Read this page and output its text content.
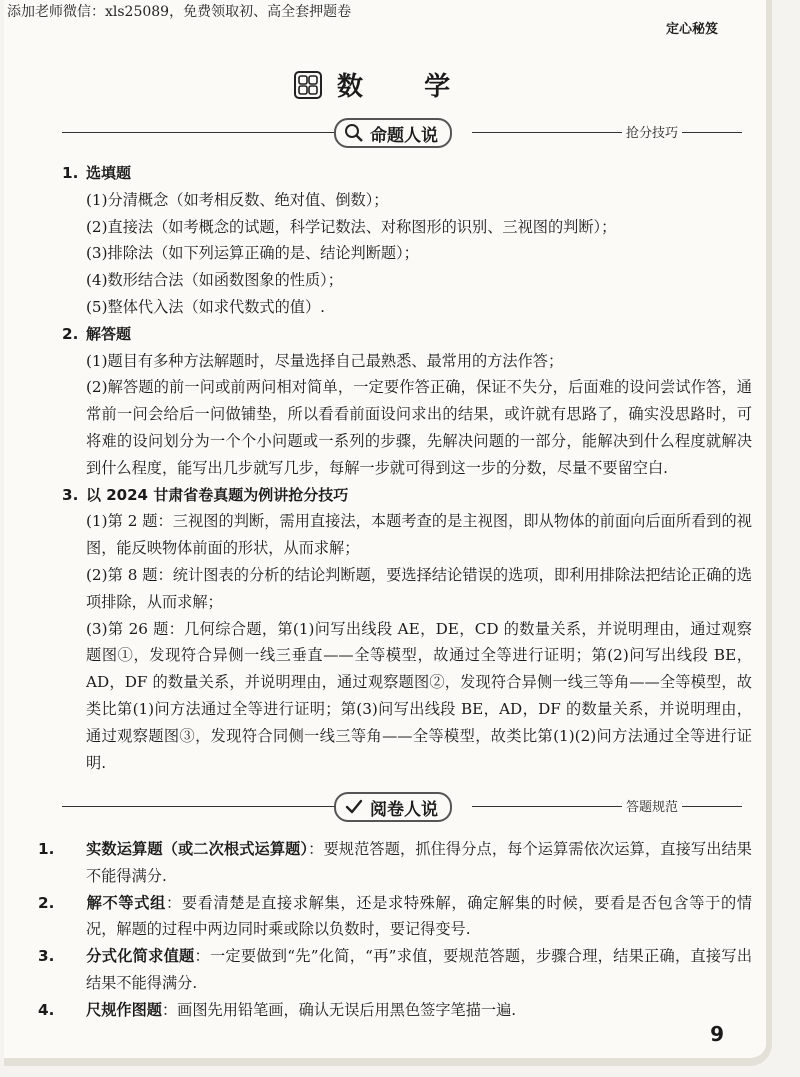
添加老师微信：xls25089，免费领取初、高全套押题卷
定心秘笈
数 学
命题人说	抢分技巧
1. 选填题
(1)分清概念（如考相反数、绝对值、倒数）；
(2)直接法（如考概念的试题，科学记数法、对称图形的识别、三视图的判断）；
(3)排除法（如下列运算正确的是、结论判断题）；
(4)数形结合法（如函数图象的性质）；
(5)整体代入法（如求代数式的值）.
2. 解答题
(1)题目有多种方法解题时，尽量选择自己最熟悉、最常用的方法作答；
(2)解答题的前一问或前两问相对简单，一定要作答正确，保证不失分，后面难的设问尝试作答，通常前一问会给后一问做铺垫，所以看看前面设问求出的结果，或许就有思路了，确实没思路时，可将难的设问划分为一个个小问题或一系列的步骤，先解决问题的一部分，能解决到什么程度就解决到什么程度，能写出几步就写几步，每解一步就可得到这一步的分数，尽量不要留空白.
3. 以 2024 甘肃省卷真题为例讲抢分技巧
(1)第 2 题：三视图的判断，需用直接法，本题考查的是主视图，即从物体的前面向后面所看到的视图，能反映物体前面的形状，从而求解；
(2)第 8 题：统计图表的分析的结论判断题，要选择结论错误的选项，即利用排除法把结论正确的选项排除，从而求解；
(3)第 26 题：几何综合题，第(1)问写出线段 AE，DE，CD 的数量关系，并说明理由，通过观察题图①，发现符合异侧一线三垂直——全等模型，故通过全等进行证明；第(2)问写出线段 BE，AD，DF 的数量关系，并说明理由，通过观察题图②，发现符合异侧一线三等角——全等模型，故类比第(1)问方法通过全等进行证明；第(3)问写出线段 BE，AD，DF 的数量关系，并说明理由，通过观察题图③，发现符合同侧一线三等角——全等模型，故类比第(1)(2)问方法通过全等进行证明.
阅卷人说	答题规范
1. 实数运算题（或二次根式运算题）：要规范答题，抓住得分点，每个运算需依次运算，直接写出结果不能得满分.
2. 解不等式组：要看清楚是直接求解集，还是求特殊解，确定解集的时候，要看是否包含等于的情况，解题的过程中两边同时乘或除以负数时，要记得变号.
3. 分式化简求值题：一定要做到“先”化简，“再”求值，要规范答题，步骤合理，结果正确，直接写出结果不能得满分.
4. 尺规作图题：画图先用铅笔画，确认无误后用黑色签字笔描一遍.
9
